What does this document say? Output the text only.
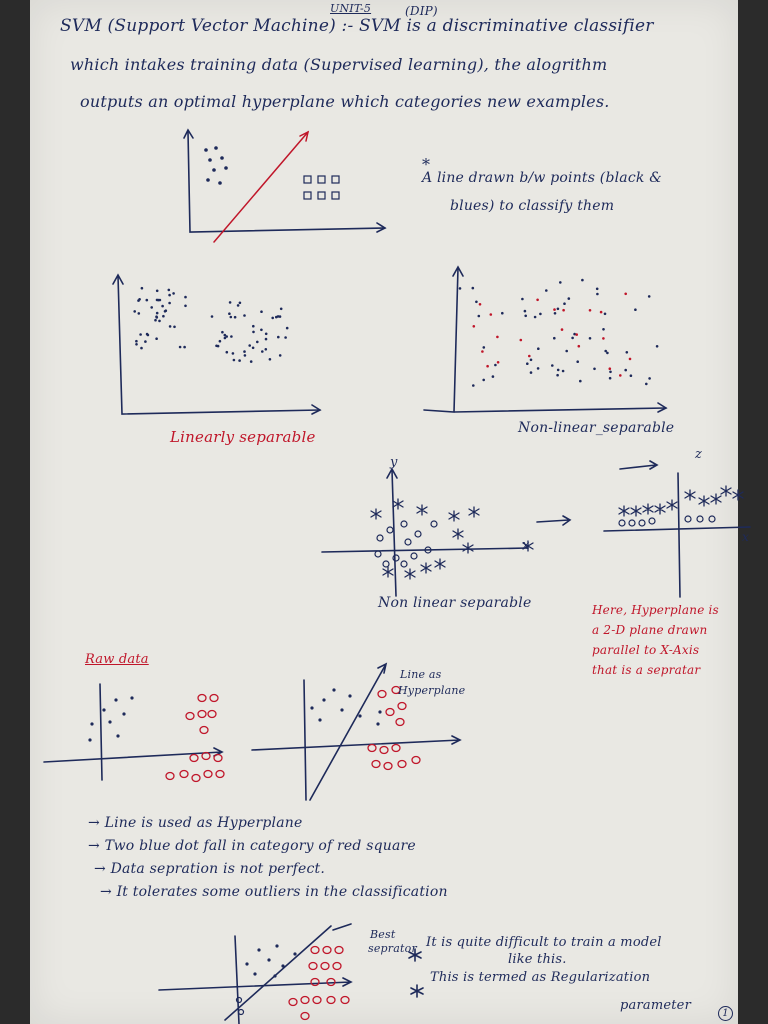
UNIT-5	(DIP)
SVM (Support Vector Machine) :- SVM is a discriminative classifier
which intakes training data (Supervised learning), the alogrithm
outputs an optimal hyperplane which categories new examples.
*
A line drawn b/w points (black &
blues) to classify them
Linearly separable	Non-linear_separable
y
x
Non linear separable
z
x
Here, Hyperplane is
a 2-D plane drawn
parallel to X-Axis
that is a sepratar
Raw data
Line as
Hyperplane
→ Line is used as Hyperplane
→ Two blue dot fall in category of red square
→ Data sepration is not perfect.
→ It tolerates some outliers in the classification
Best
seprator It is quite difficult to train a model
like this.
This is termed as Regularization
parameter
1
